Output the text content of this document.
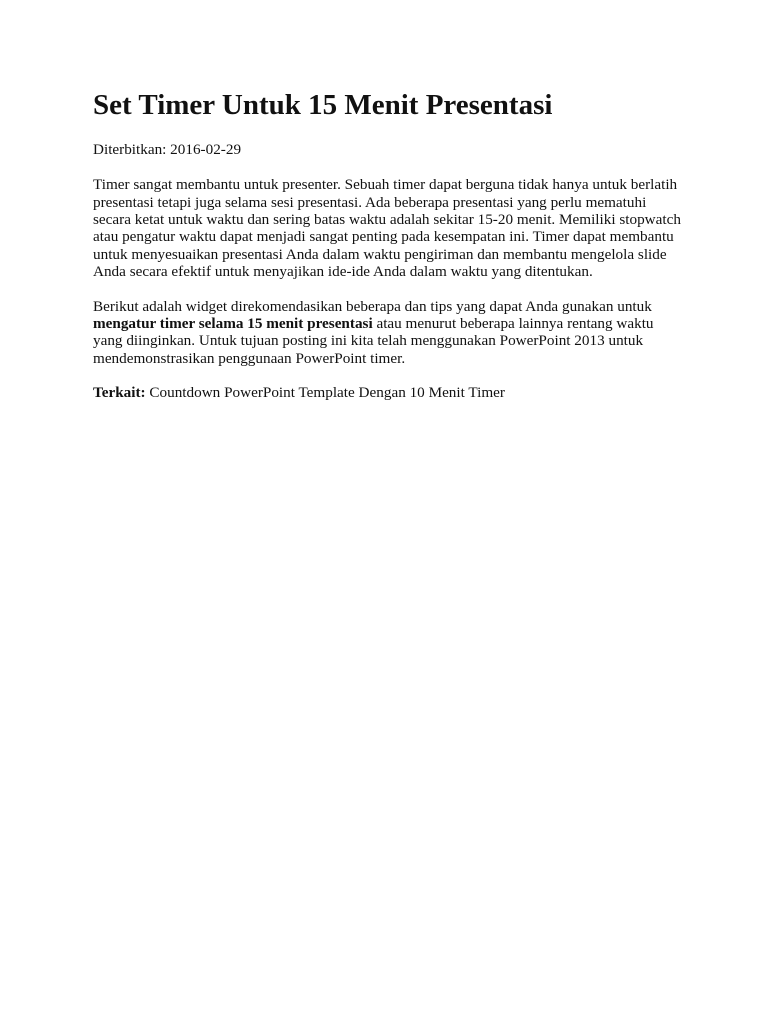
Set Timer Untuk 15 Menit Presentasi

Diterbitkan: 2016-02-29

Timer sangat membantu untuk presenter. Sebuah timer dapat berguna tidak hanya untuk berlatih presentasi tetapi juga selama sesi presentasi. Ada beberapa presentasi yang perlu mematuhi secara ketat untuk waktu dan sering batas waktu adalah sekitar 15-20 menit. Memiliki stopwatch atau pengatur waktu dapat menjadi sangat penting pada kesempatan ini. Timer dapat membantu untuk menyesuaikan presentasi Anda dalam waktu pengiriman dan membantu mengelola slide Anda secara efektif untuk menyajikan ide-ide Anda dalam waktu yang ditentukan.

Berikut adalah widget direkomendasikan beberapa dan tips yang dapat Anda gunakan untuk mengatur timer selama 15 menit presentasi atau menurut beberapa lainnya rentang waktu yang diinginkan. Untuk tujuan posting ini kita telah menggunakan PowerPoint 2013 untuk mendemonstrasikan penggunaan PowerPoint timer.

Terkait: Countdown PowerPoint Template Dengan 10 Menit Timer
